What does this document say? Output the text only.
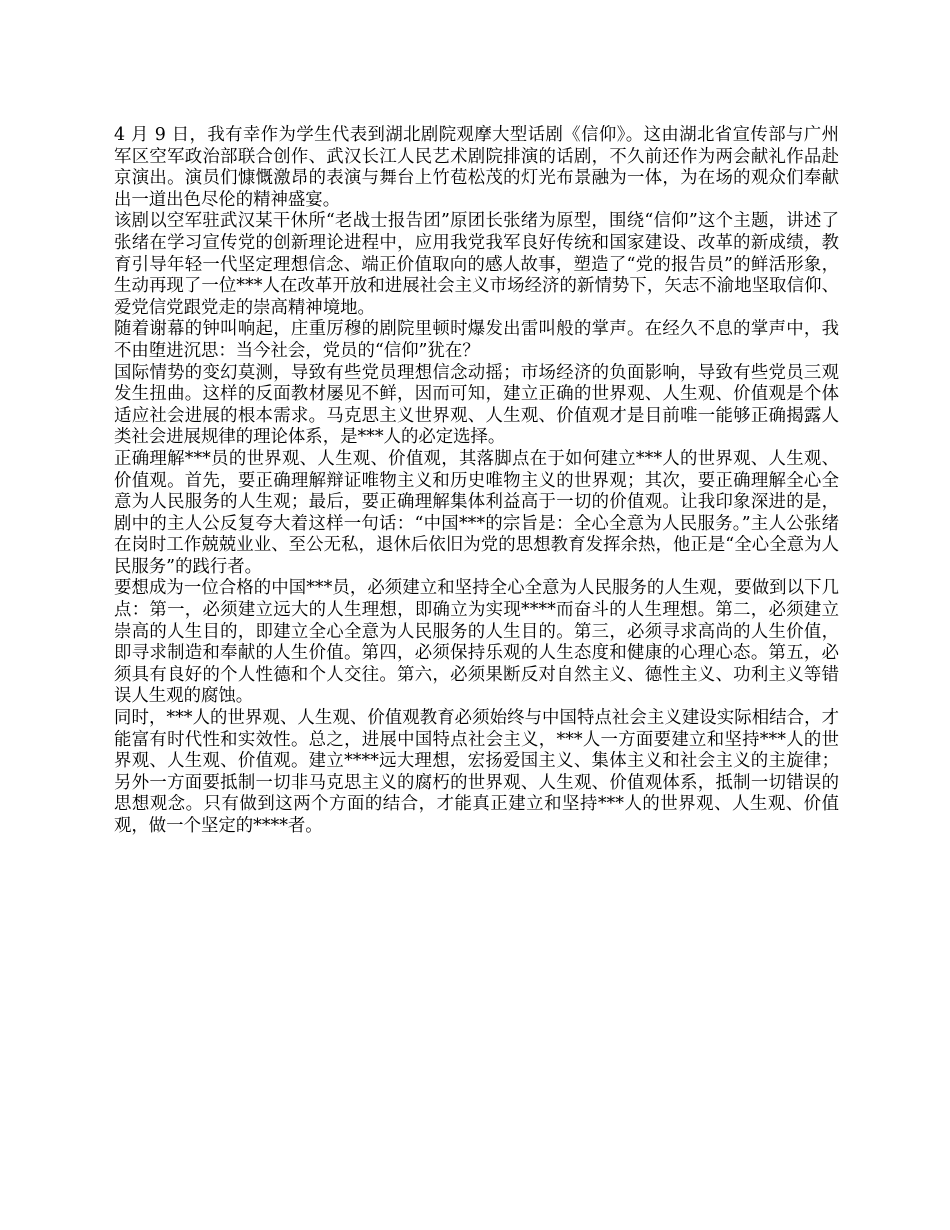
4 月 9 日，我有幸作为学生代表到湖北剧院观摩大型话剧《信仰》。这由湖北省宣传部与广州军区空军政治部联合创作、武汉长江人民艺术剧院排演的话剧，不久前还作为两会献礼作品赴京演出。演员们慷慨激昂的表演与舞台上竹苞松茂的灯光布景融为一体，为在场的观众们奉献出一道出色尽伦的精神盛宴。

该剧以空军驻武汉某干休所“老战士报告团”原团长张绪为原型，围绕“信仰”这个主题，讲述了张绪在学习宣传党的创新理论进程中，应用我党我军良好传统和国家建设、改革的新成绩，教育引导年轻一代坚定理想信念、端正价值取向的感人故事，塑造了“党的报告员”的鲜活形象，生动再现了一位***人在改革开放和进展社会主义市场经济的新情势下，矢志不渝地坚取信仰、爱党信党跟党走的崇高精神境地。

随着谢幕的钟叫响起，庄重厉穆的剧院里顿时爆发出雷叫般的掌声。在经久不息的掌声中，我不由堕进沉思：当今社会，党员的“信仰”犹在？

国际情势的变幻莫测，导致有些党员理想信念动摇；市场经济的负面影响，导致有些党员三观发生扭曲。这样的反面教材屡见不鲜，因而可知，建立正确的世界观、人生观、价值观是个体适应社会进展的根本需求。马克思主义世界观、人生观、价值观才是目前唯一能够正确揭露人类社会进展规律的理论体系，是***人的必定选择。

正确理解***员的世界观、人生观、价值观，其落脚点在于如何建立***人的世界观、人生观、价值观。首先，要正确理解辩证唯物主义和历史唯物主义的世界观；其次，要正确理解全心全意为人民服务的人生观；最后，要正确理解集体利益高于一切的价值观。让我印象深进的是，剧中的主人公反复夸大着这样一句话：“中国***的宗旨是：全心全意为人民服务。”主人公张绪在岗时工作兢兢业业、至公无私，退休后依旧为党的思想教育发挥余热，他正是“全心全意为人民服务”的践行者。

要想成为一位合格的中国***员，必须建立和坚持全心全意为人民服务的人生观，要做到以下几点：第一，必须建立远大的人生理想，即确立为实现****而奋斗的人生理想。第二，必须建立崇高的人生目的，即建立全心全意为人民服务的人生目的。第三，必须寻求高尚的人生价值，即寻求制造和奉献的人生价值。第四，必须保持乐观的人生态度和健康的心理心态。第五，必须具有良好的个人性德和个人交往。第六，必须果断反对自然主义、德性主义、功利主义等错误人生观的腐蚀。

同时，***人的世界观、人生观、价值观教育必须始终与中国特点社会主义建设实际相结合，才能富有时代性和实效性。总之，进展中国特点社会主义，***人一方面要建立和坚持***人的世界观、人生观、价值观。建立****远大理想，宏扬爱国主义、集体主义和社会主义的主旋律；另外一方面要抵制一切非马克思主义的腐朽的世界观、人生观、价值观体系，抵制一切错误的思想观念。只有做到这两个方面的结合，才能真正建立和坚持***人的世界观、人生观、价值观，做一个坚定的****者。
